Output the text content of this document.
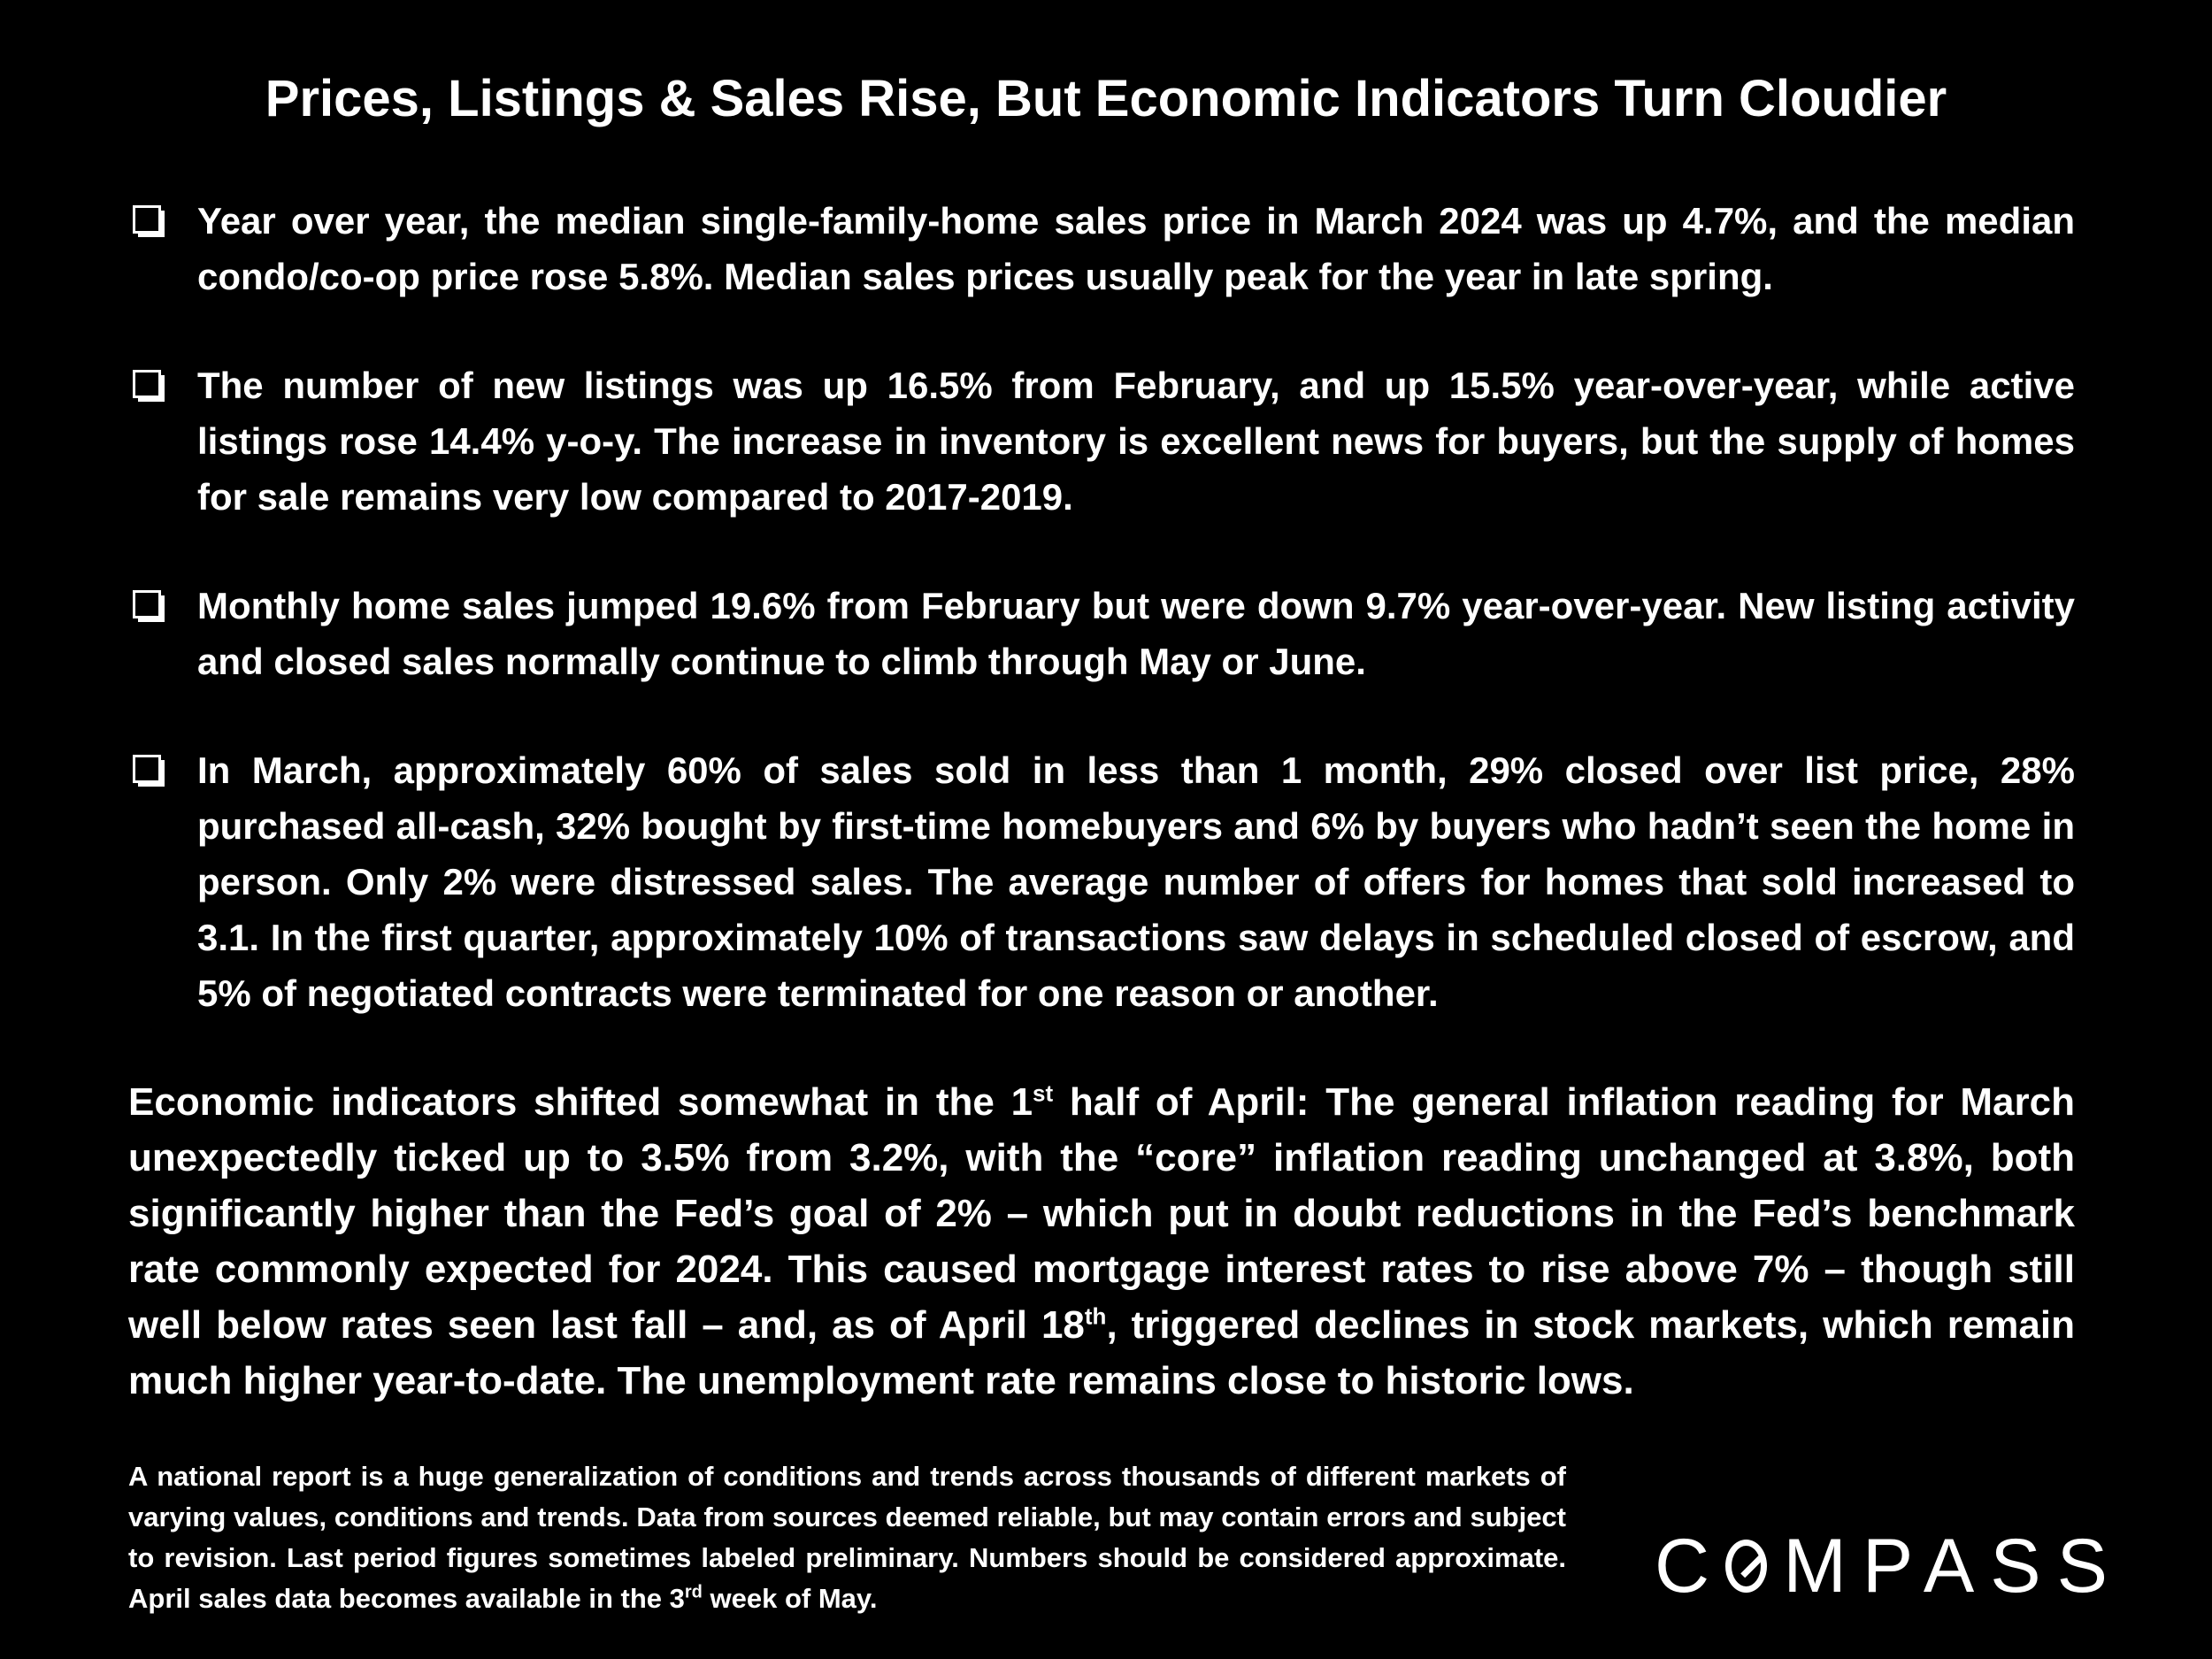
Prices, Listings & Sales Rise, But Economic Indicators Turn Cloudier
Year over year, the median single-family-home sales price in March 2024 was up 4.7%, and the median condo/co-op price rose 5.8%. Median sales prices usually peak for the year in late spring.
The number of new listings was up 16.5% from February, and up 15.5% year-over-year, while active listings rose 14.4% y-o-y. The increase in inventory is excellent news for buyers, but the supply of homes for sale remains very low compared to 2017-2019.
Monthly home sales jumped 19.6% from February but were down 9.7% year-over-year. New listing activity and closed sales normally continue to climb through May or June.
In March, approximately 60% of sales sold in less than 1 month, 29% closed over list price, 28% purchased all-cash, 32% bought by first-time homebuyers and 6% by buyers who hadn’t seen the home in person. Only 2% were distressed sales. The average number of offers for homes that sold increased to 3.1. In the first quarter, approximately 10% of transactions saw delays in scheduled closed of escrow, and 5% of negotiated contracts were terminated for one reason or another.
Economic indicators shifted somewhat in the 1st half of April: The general inflation reading for March unexpectedly ticked up to 3.5% from 3.2%, with the “core” inflation reading unchanged at 3.8%, both significantly higher than the Fed’s goal of 2% – which put in doubt reductions in the Fed’s benchmark rate commonly expected for 2024. This caused mortgage interest rates to rise above 7% – though still well below rates seen last fall – and, as of April 18th, triggered declines in stock markets, which remain much higher year-to-date. The unemployment rate remains close to historic lows.
A national report is a huge generalization of conditions and trends across thousands of different markets of varying values, conditions and trends. Data from sources deemed reliable, but may contain errors and subject to revision. Last period figures sometimes labeled preliminary. Numbers should be considered approximate. April sales data becomes available in the 3rd week of May.	C MPASS
